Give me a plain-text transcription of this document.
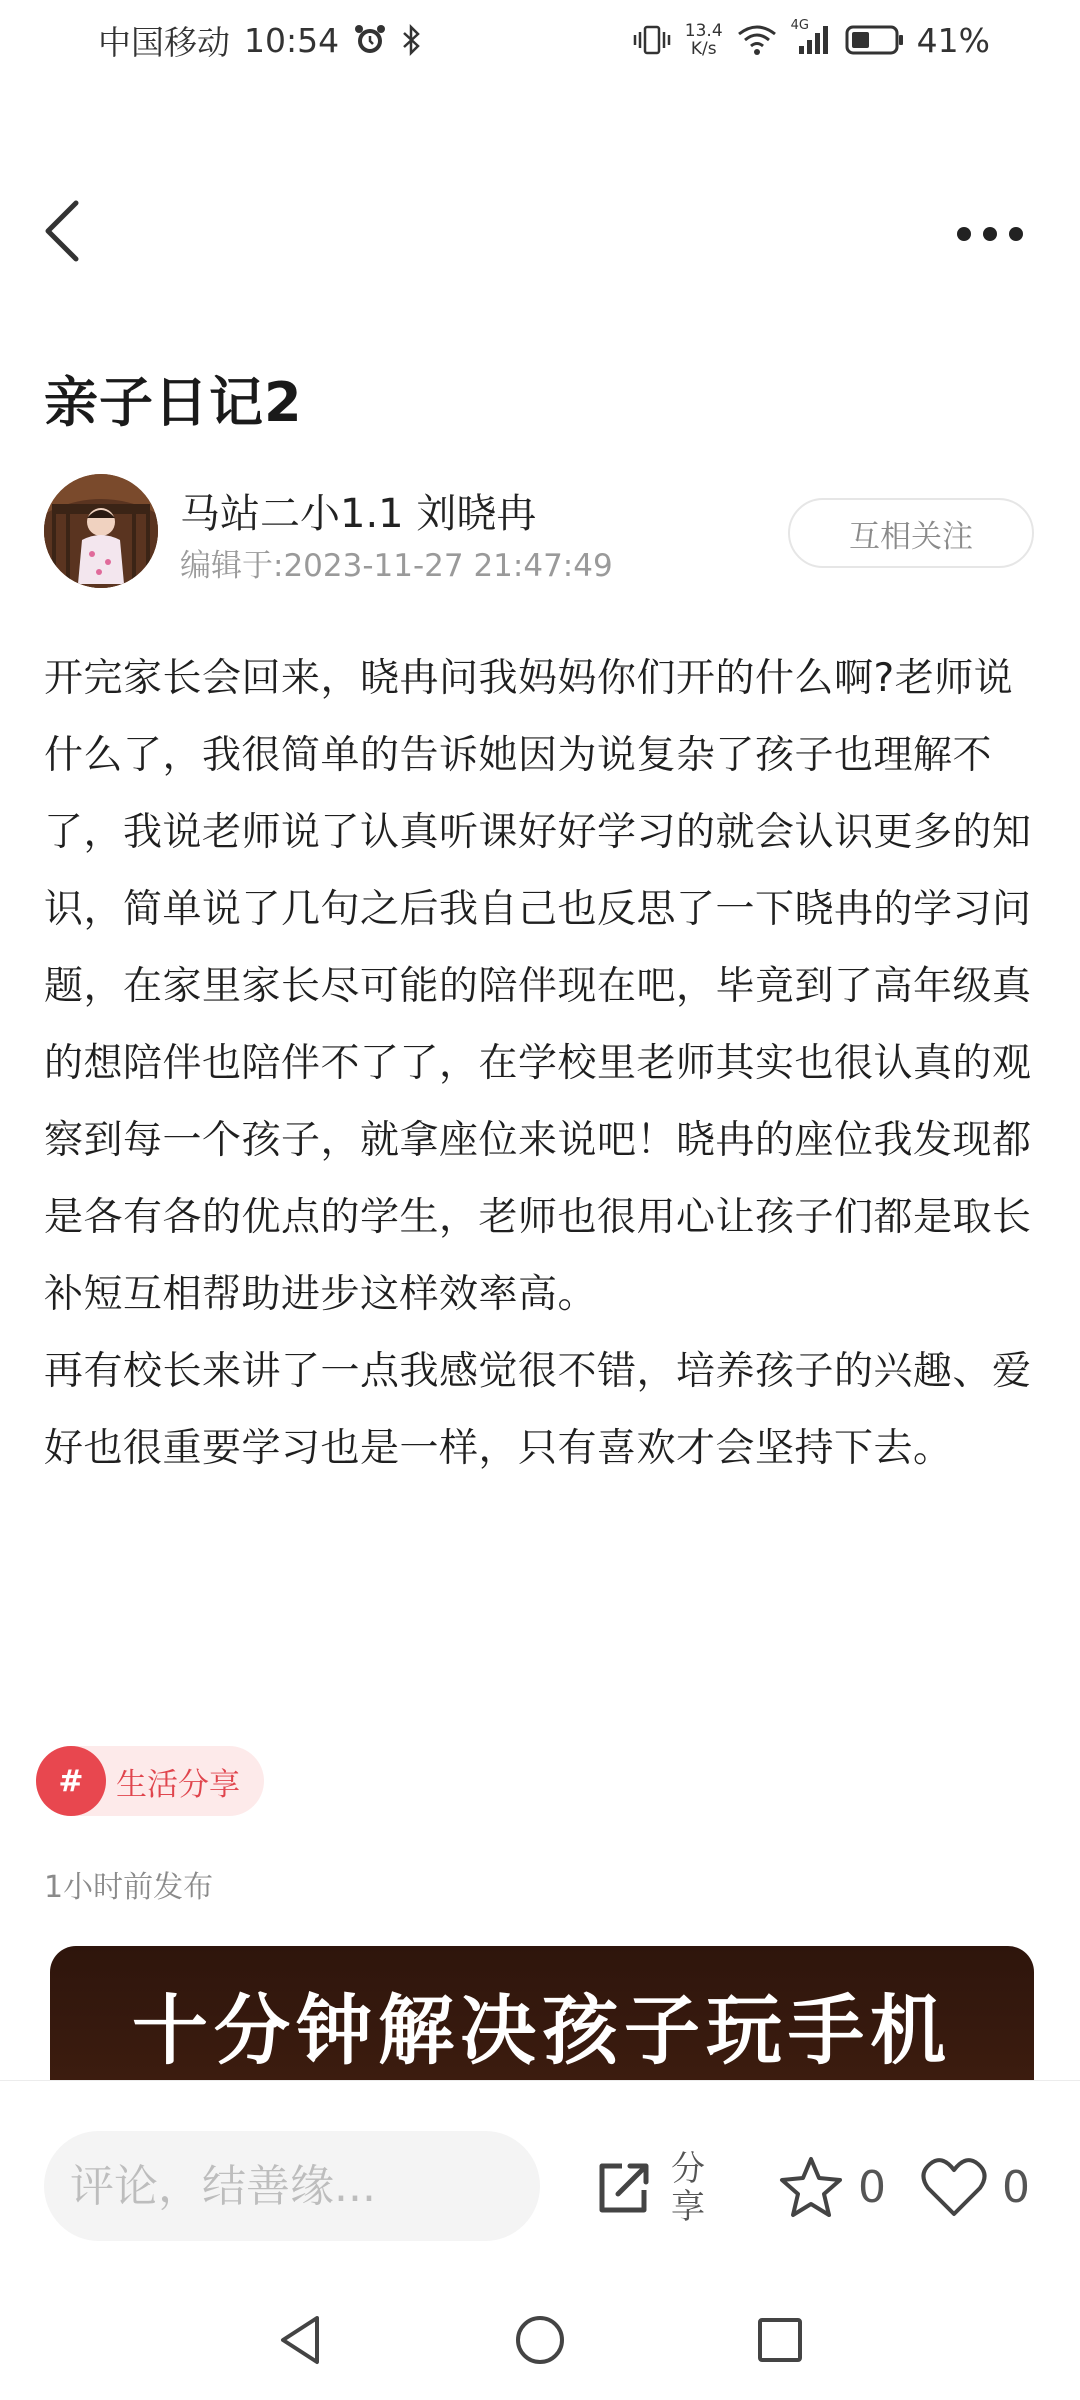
中国移动 10:54	13.4
K/s
4G	41%
亲子日记2
马站二小1.1 刘晓冉
编辑于:2023-11-27 21:47:49
互相关注

开完家长会回来，晓冉问我妈妈你们开的什么啊?老师说什么了，我很简单的告诉她因为说复杂了孩子也理解不了，我说老师说了认真听课好好学习的就会认识更多的知识，简单说了几句之后我自己也反思了一下晓冉的学习问题，在家里家长尽可能的陪伴现在吧，毕竟到了高年级真的想陪伴也陪伴不了了，在学校里老师其实也很认真的观察到每一个孩子，就拿座位来说吧！晓冉的座位我发现都是各有各的优点的学生，老师也很用心让孩子们都是取长补短互相帮助进步这样效率高。

再有校长来讲了一点我感觉很不错，培养孩子的兴趣、爱好也很重要学习也是一样，只有喜欢才会坚持下去。

#	生活分享
1小时前发布
十分钟解决孩子玩手机
评论，结善缘...
分享	0	0
